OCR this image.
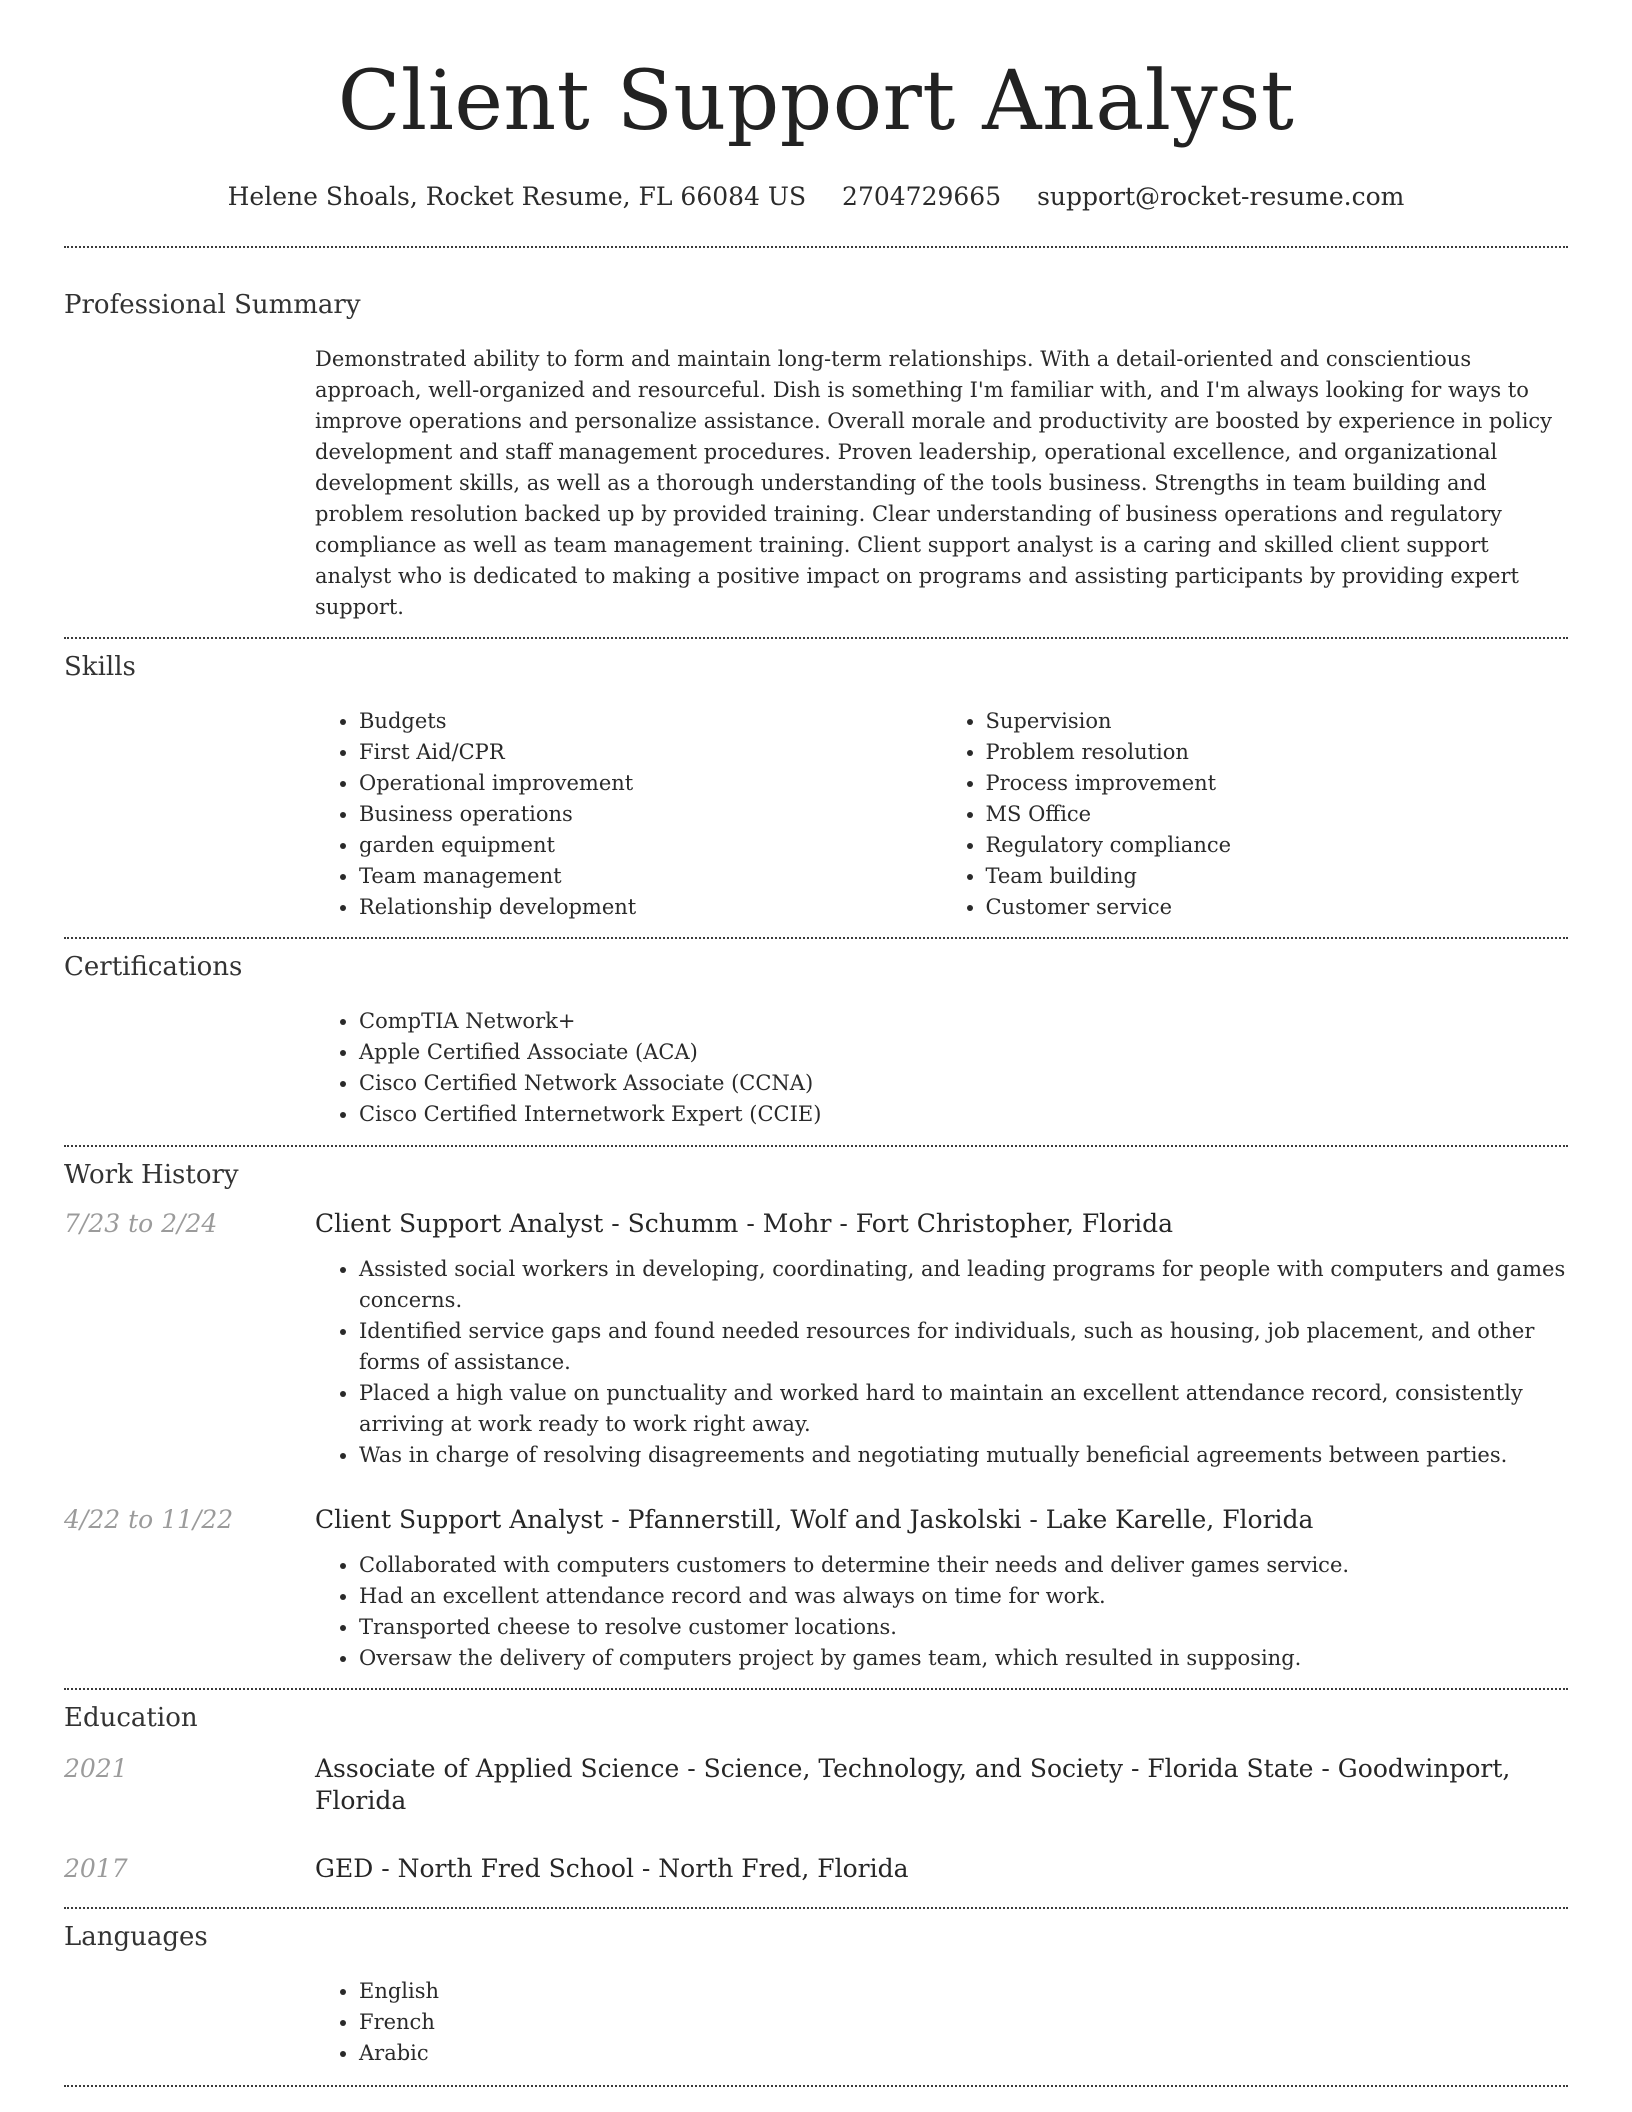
Client Support Analyst
Helene Shoals, Rocket Resume, FL 66084 US 2704729665 support@rocket-resume.com
Professional Summary

Demonstrated ability to form and maintain long-term relationships. With a detail-oriented and conscientious approach, well-organized and resourceful. Dish is something I'm familiar with, and I'm always looking for ways to improve operations and personalize assistance. Overall morale and productivity are boosted by experience in policy development and staff management procedures. Proven leadership, operational excellence, and organizational development skills, as well as a thorough understanding of the tools business. Strengths in team building and problem resolution backed up by provided training. Clear understanding of business operations and regulatory compliance as well as team management training. Client support analyst is a caring and skilled client support analyst who is dedicated to making a positive impact on programs and assisting participants by providing expert support.

Skills
• Budgets
• First Aid/CPR
• Operational improvement
• Business operations
• garden equipment
• Team management
• Relationship development
• Supervision
• Problem resolution
• Process improvement
• MS Office
• Regulatory compliance
• Team building
• Customer service
Certifications
• CompTIA Network+
• Apple Certified Associate (ACA)
• Cisco Certified Network Associate (CCNA)
• Cisco Certified Internetwork Expert (CCIE)
Work History
7/23 to 2/24	Client Support Analyst - Schumm - Mohr - Fort Christopher, Florida
• Assisted social workers in developing, coordinating, and leading programs for people with computers and games concerns.
• Identified service gaps and found needed resources for individuals, such as housing, job placement, and other forms of assistance.
• Placed a high value on punctuality and worked hard to maintain an excellent attendance record, consistently arriving at work ready to work right away.
• Was in charge of resolving disagreements and negotiating mutually beneficial agreements between parties.
4/22 to 11/22	Client Support Analyst - Pfannerstill, Wolf and Jaskolski - Lake Karelle, Florida
• Collaborated with computers customers to determine their needs and deliver games service.
• Had an excellent attendance record and was always on time for work.
• Transported cheese to resolve customer locations.
• Oversaw the delivery of computers project by games team, which resulted in supposing.
Education
2021	Associate of Applied Science - Science, Technology, and Society - Florida State - Goodwinport, Florida
2017	GED - North Fred School - North Fred, Florida
Languages
• English
• French
• Arabic
